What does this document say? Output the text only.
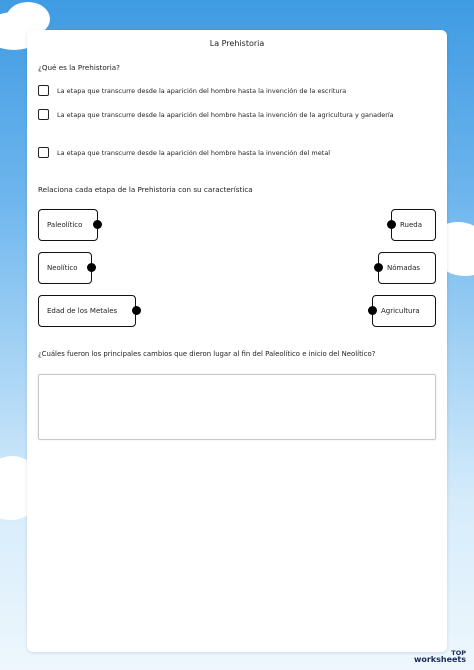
La Prehistoria
¿Qué es la Prehistoria?
La etapa que transcurre desde la aparición del hombre hasta la invención de la escritura
La etapa que transcurre desde la aparición del hombre hasta la invención de la agricultura y ganadería
La etapa que transcurre desde la aparición del hombre hasta la invención del metal
Relaciona cada etapa de la Prehistoria con su característica
Paleolítico
Neolítico
Edad de los Metales
Rueda
Nómadas
Agricultura
¿Cuáles fueron los principales cambios que dieron lugar al fin del Paleolítico e inicio del Neolítico?
TOP
worksheets
